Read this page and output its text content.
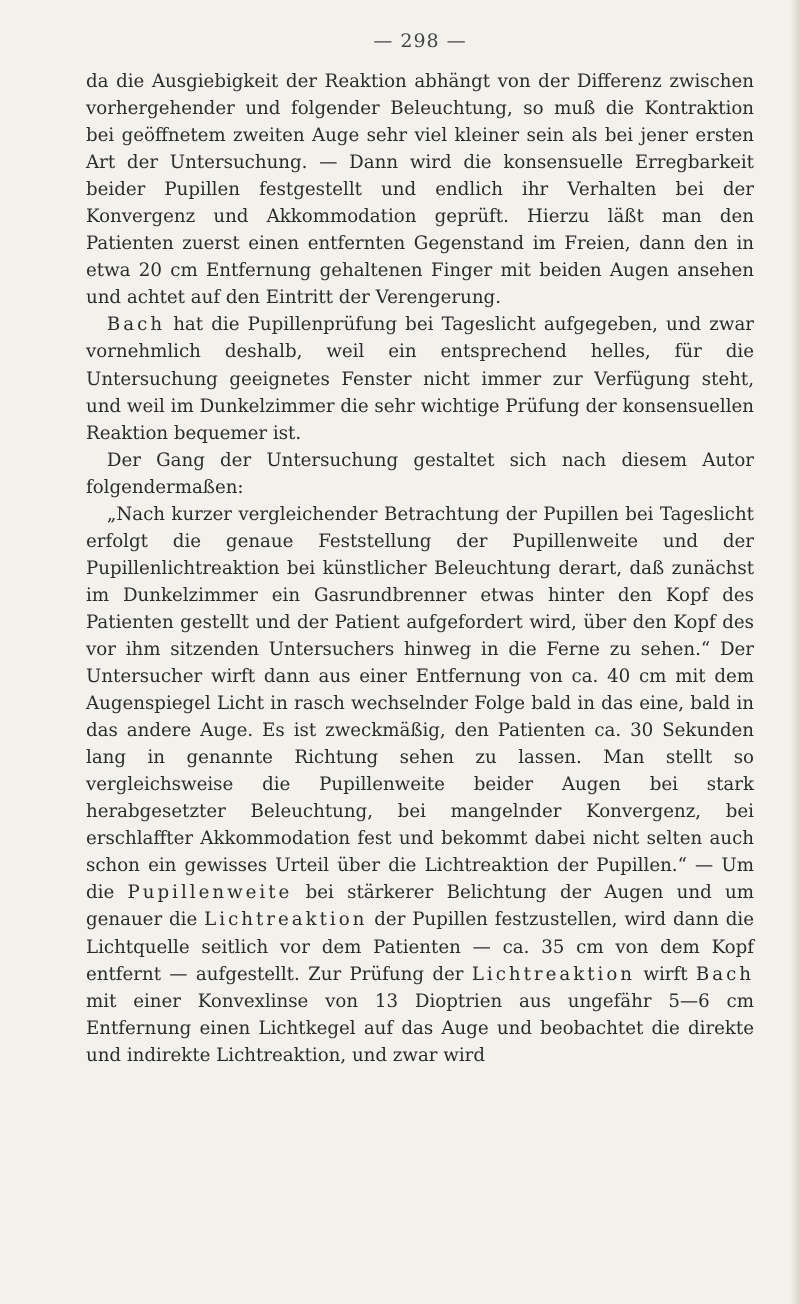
— 298 —

da die Ausgiebigkeit der Reaktion abhängt von der Differenz zwischen vorhergehender und folgender Beleuchtung, so muß die Kontraktion bei geöffnetem zweiten Auge sehr viel kleiner sein als bei jener ersten Art der Untersuchung. — Dann wird die konsensuelle Erregbarkeit beider Pupillen festgestellt und endlich ihr Verhalten bei der Konvergenz und Akkommodation geprüft. Hierzu läßt man den Patienten zuerst einen entfernten Gegenstand im Freien, dann den in etwa 20 cm Entfernung gehaltenen Finger mit beiden Augen ansehen und achtet auf den Eintritt der Verengerung.

Bach hat die Pupillenprüfung bei Tageslicht aufgegeben, und zwar vornehmlich deshalb, weil ein entsprechend helles, für die Untersuchung geeignetes Fenster nicht immer zur Verfügung steht, und weil im Dunkelzimmer die sehr wichtige Prüfung der konsensuellen Reaktion bequemer ist.

Der Gang der Untersuchung gestaltet sich nach diesem Autor folgendermaßen:

„Nach kurzer vergleichender Betrachtung der Pupillen bei Tageslicht erfolgt die genaue Feststellung der Pupillenweite und der Pupillenlichtreaktion bei künstlicher Beleuchtung derart, daß zunächst im Dunkelzimmer ein Gasrundbrenner etwas hinter den Kopf des Patienten gestellt und der Patient aufgefordert wird, über den Kopf des vor ihm sitzenden Untersuchers hinweg in die Ferne zu sehen.“ Der Untersucher wirft dann aus einer Entfernung von ca. 40 cm mit dem Augenspiegel Licht in rasch wechselnder Folge bald in das eine, bald in das andere Auge. Es ist zweckmäßig, den Patienten ca. 30 Sekunden lang in genannte Richtung sehen zu lassen. Man stellt so vergleichsweise die Pupillenweite beider Augen bei stark herabgesetzter Beleuchtung, bei mangelnder Konvergenz, bei erschlaffter Akkommodation fest und bekommt dabei nicht selten auch schon ein gewisses Urteil über die Lichtreaktion der Pupillen.“ — Um die Pupillenweite bei stärkerer Belichtung der Augen und um genauer die Lichtreaktion der Pupillen festzustellen, wird dann die Lichtquelle seitlich vor dem Patienten — ca. 35 cm von dem Kopf entfernt — aufgestellt. Zur Prüfung der Lichtreaktion wirft Bach mit einer Konvexlinse von 13 Dioptrien aus ungefähr 5—6 cm Entfernung einen Lichtkegel auf das Auge und beobachtet die direkte und indirekte Lichtreaktion, und zwar wird
